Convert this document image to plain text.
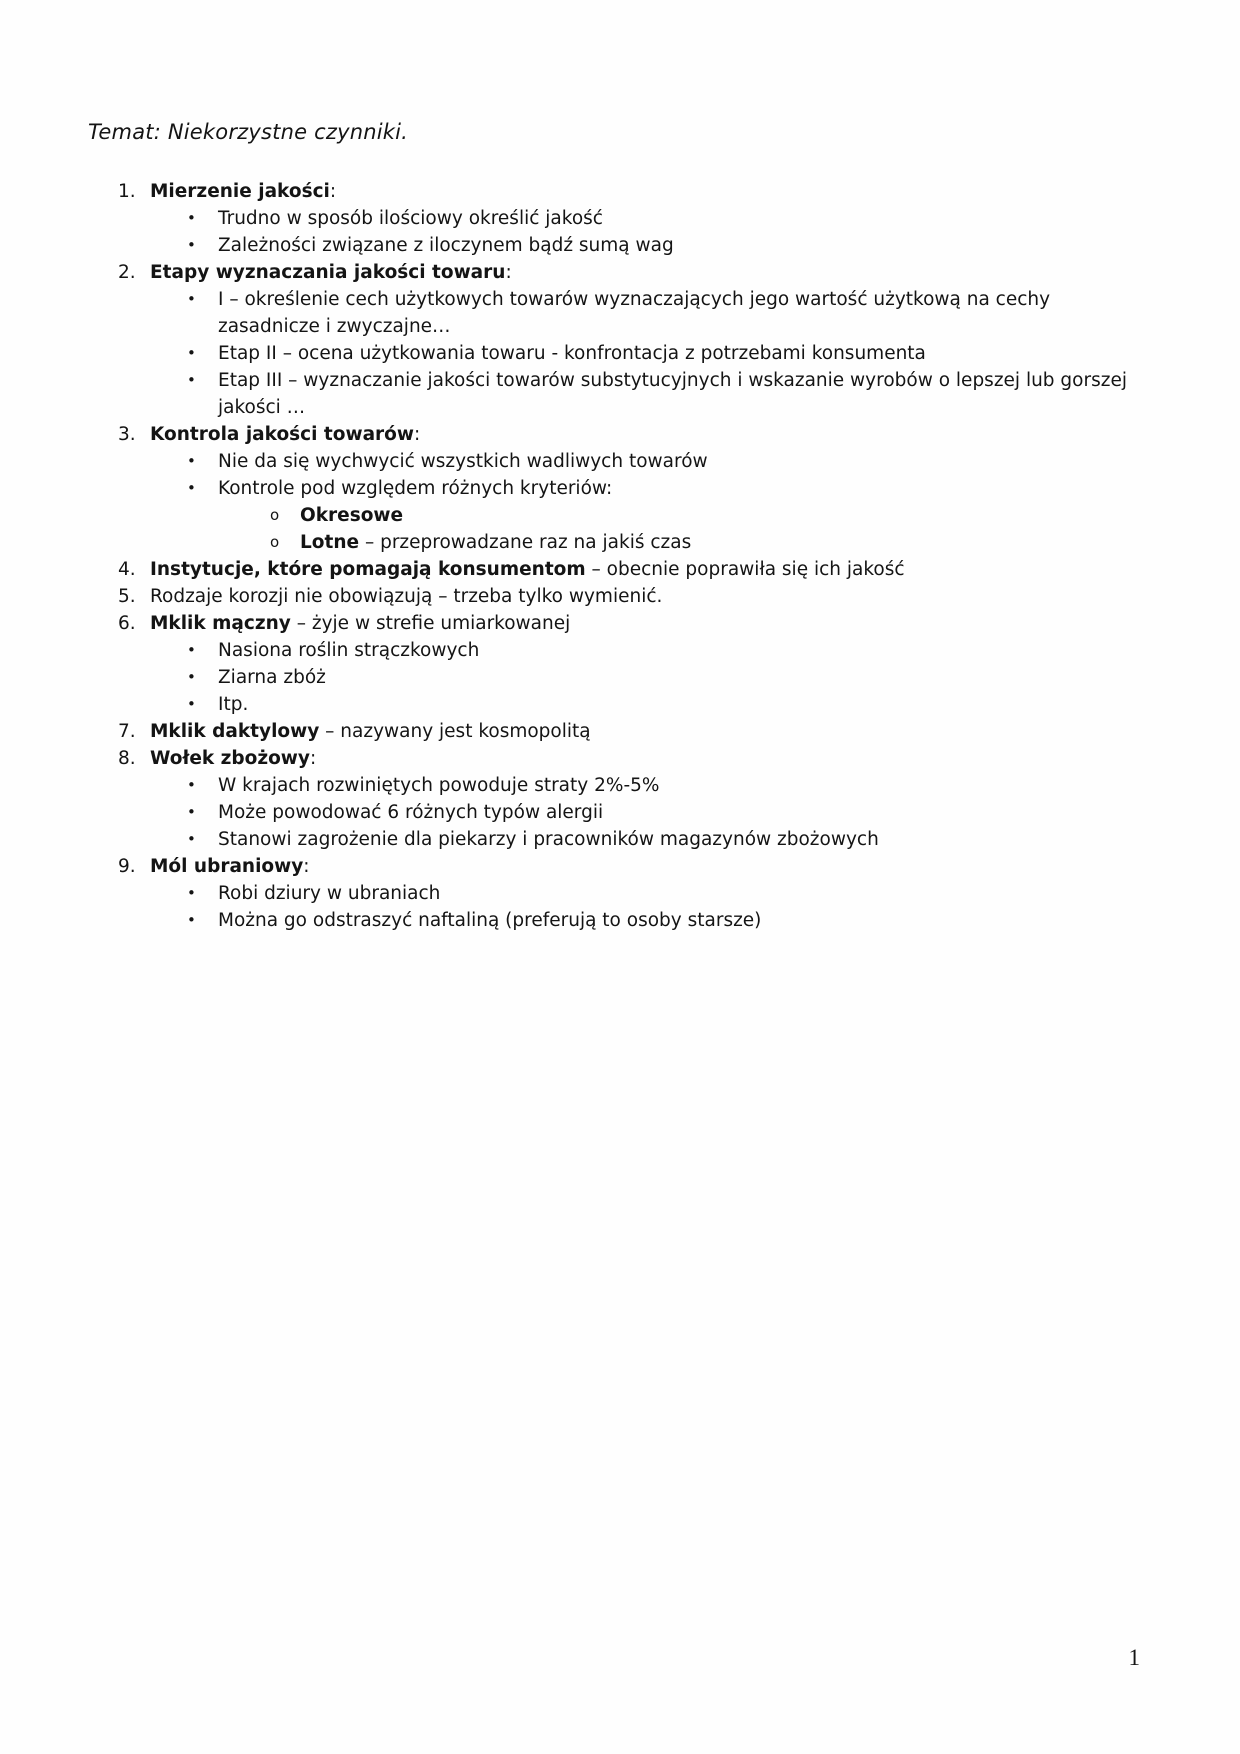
Temat: Niekorzystne czynniki.
1. Mierzenie jakości:
•	Trudno w sposób ilościowy określić jakość
•	Zależności związane z iloczynem bądź sumą wag
2. Etapy wyznaczania jakości towaru:
•	I – określenie cech użytkowych towarów wyznaczających jego wartość użytkową na cechy zasadnicze i zwyczajne…
•	Etap II – ocena użytkowania towaru - konfrontacja z potrzebami konsumenta
•	Etap III – wyznaczanie jakości towarów substytucyjnych i wskazanie wyrobów o lepszej lub gorszej jakości …
3. Kontrola jakości towarów:
•	Nie da się wychwycić wszystkich wadliwych towarów
•	Kontrole pod względem różnych kryteriów:
o	Okresowe
o	Lotne – przeprowadzane raz na jakiś czas
4. Instytucje, które pomagają konsumentom – obecnie poprawiła się ich jakość
5. Rodzaje korozji nie obowiązują – trzeba tylko wymienić.
6. Mklik mączny – żyje w strefie umiarkowanej
•	Nasiona roślin strączkowych
•	Ziarna zbóż
•	Itp.
7. Mklik daktylowy – nazywany jest kosmopolitą
8. Wołek zbożowy:
•	W krajach rozwiniętych powoduje straty 2%-5%
•	Może powodować 6 różnych typów alergii
•	Stanowi zagrożenie dla piekarzy i pracowników magazynów zbożowych
9. Mól ubraniowy:
•	Robi dziury w ubraniach
•	Można go odstraszyć naftaliną (preferują to osoby starsze)
1
